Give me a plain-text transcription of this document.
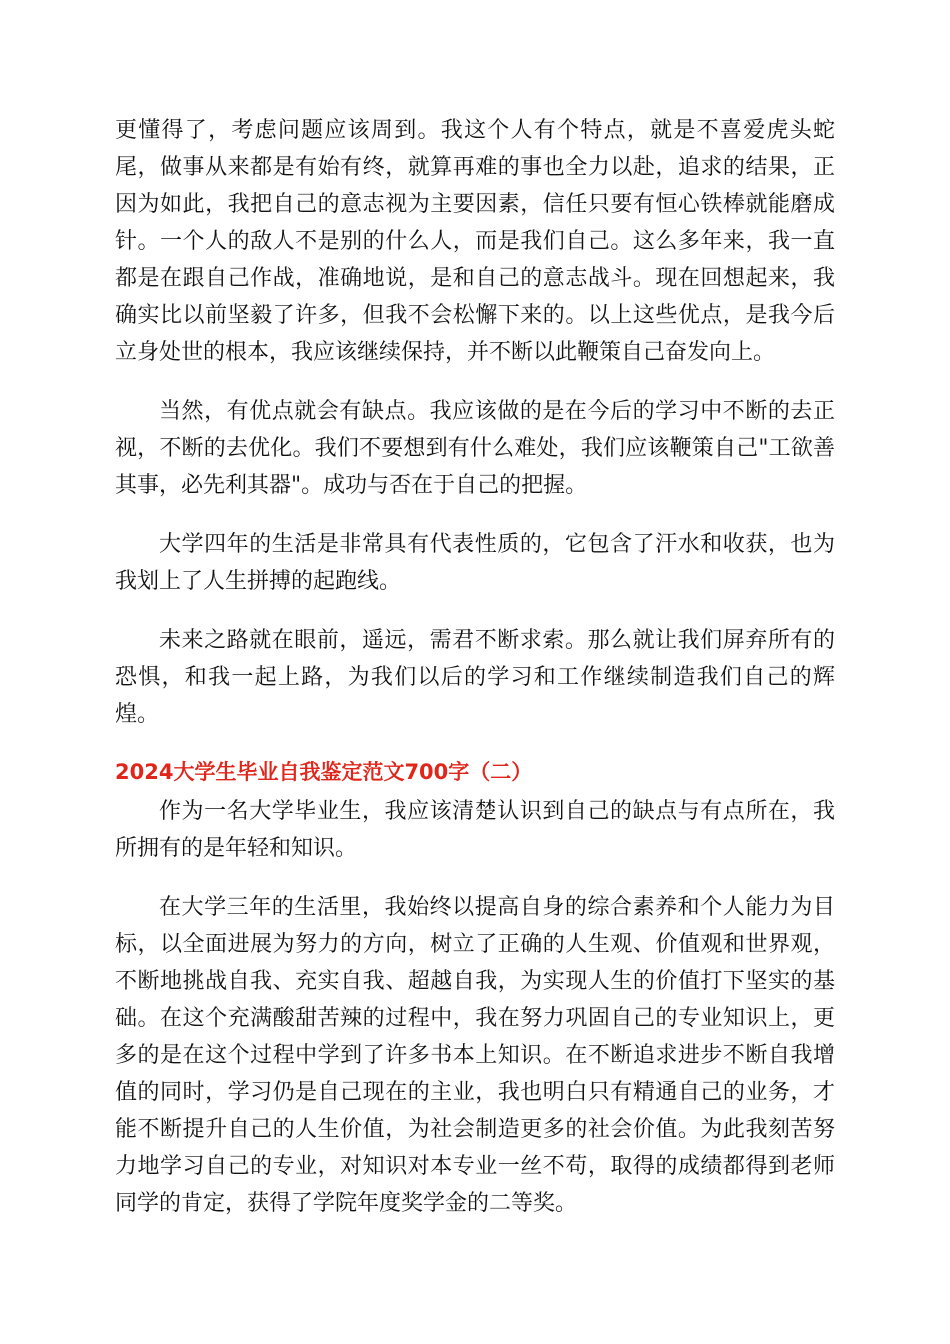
更懂得了，考虑问题应该周到。我这个人有个特点，就是不喜爱虎头蛇尾，做事从来都是有始有终，就算再难的事也全力以赴，追求的结果，正因为如此，我把自己的意志视为主要因素，信任只要有恒心铁棒就能磨成针。一个人的敌人不是别的什么人，而是我们自己。这么多年来，我一直都是在跟自己作战，准确地说，是和自己的意志战斗。现在回想起来，我确实比以前坚毅了许多，但我不会松懈下来的。以上这些优点，是我今后立身处世的根本，我应该继续保持，并不断以此鞭策自己奋发向上。

当然，有优点就会有缺点。我应该做的是在今后的学习中不断的去正视，不断的去优化。我们不要想到有什么难处，我们应该鞭策自己"工欲善其事，必先利其器"。成功与否在于自己的把握。

大学四年的生活是非常具有代表性质的，它包含了汗水和收获，也为我划上了人生拼搏的起跑线。

未来之路就在眼前，遥远，需君不断求索。那么就让我们屏弃所有的恐惧，和我一起上路，为我们以后的学习和工作继续制造我们自己的辉煌。

2024大学生毕业自我鉴定范文700字（二）

作为一名大学毕业生，我应该清楚认识到自己的缺点与有点所在，我所拥有的是年轻和知识。

在大学三年的生活里，我始终以提高自身的综合素养和个人能力为目标，以全面进展为努力的方向，树立了正确的人生观、价值观和世界观，不断地挑战自我、充实自我、超越自我，为实现人生的价值打下坚实的基础。在这个充满酸甜苦辣的过程中，我在努力巩固自己的专业知识上，更多的是在这个过程中学到了许多书本上知识。在不断追求进步不断自我增值的同时，学习仍是自己现在的主业，我也明白只有精通自己的业务，才能不断提升自己的人生价值，为社会制造更多的社会价值。为此我刻苦努力地学习自己的专业，对知识对本专业一丝不苟，取得的成绩都得到老师同学的肯定，获得了学院年度奖学金的二等奖。
